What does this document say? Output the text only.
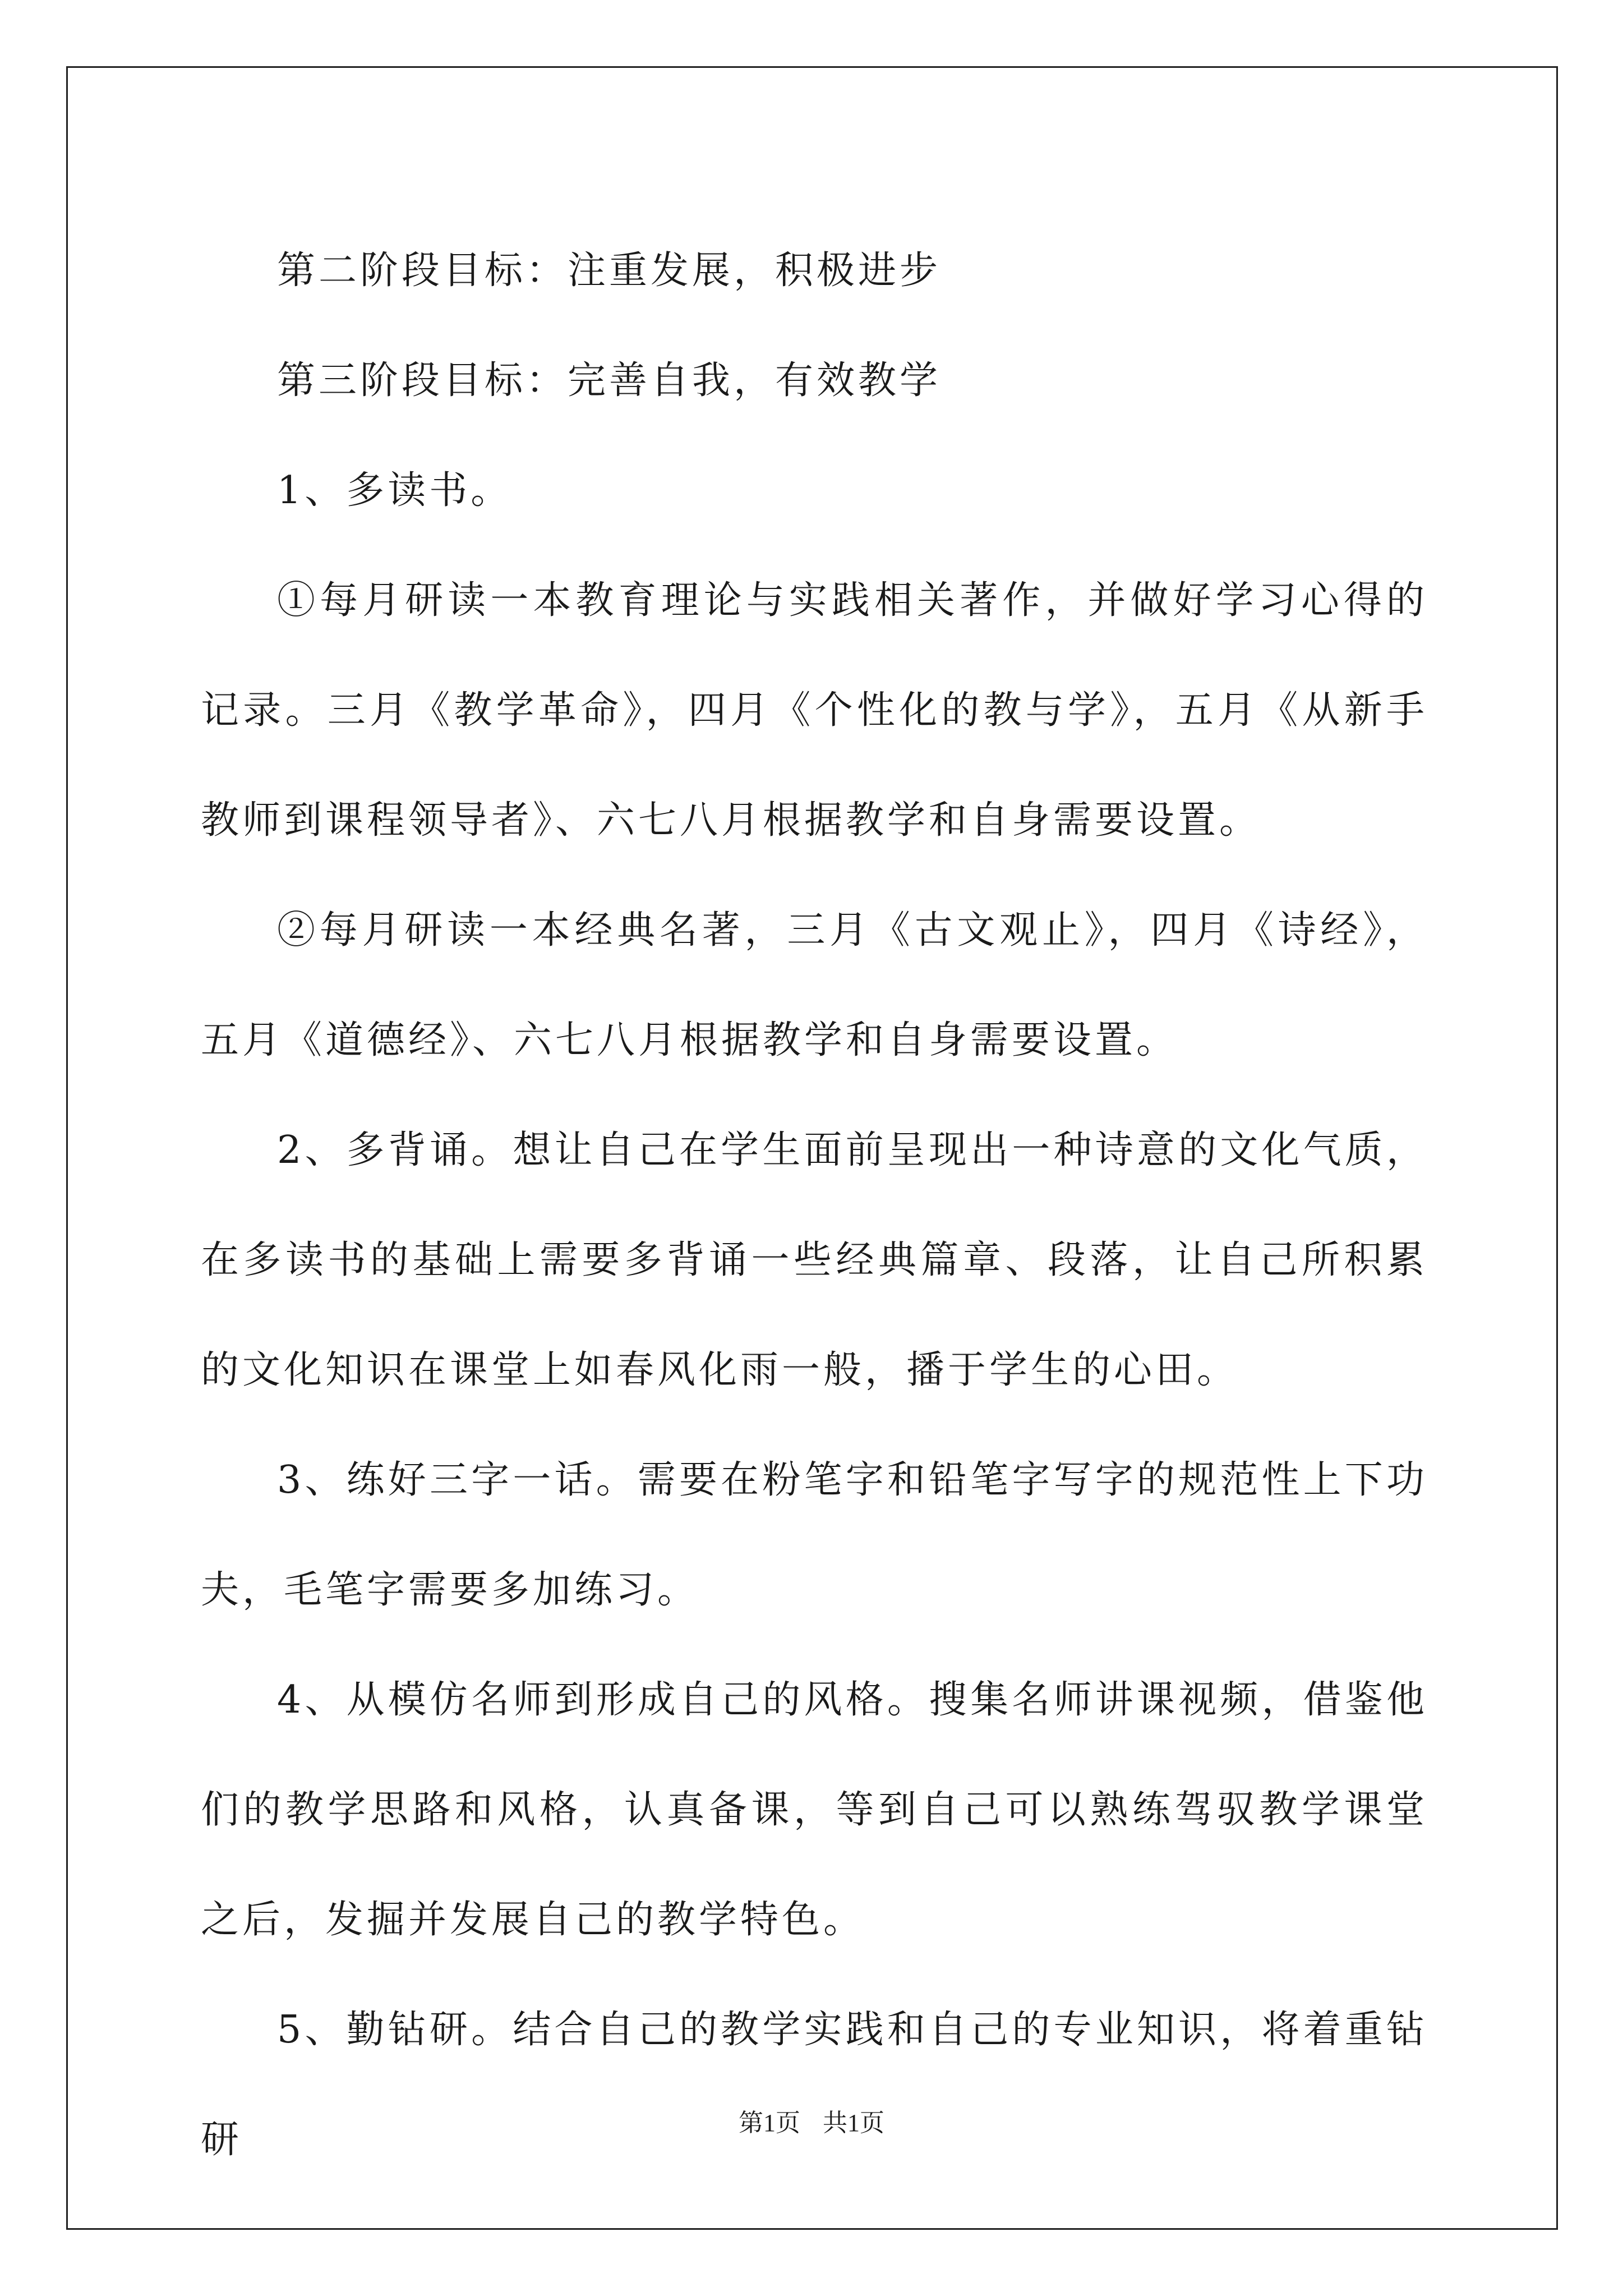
第二阶段目标：注重发展，积极进步

第三阶段目标：完善自我，有效教学

1、多读书。

①每月研读一本教育理论与实践相关著作，并做好学习心得的记录。三月《教学革命》，四月《个性化的教与学》，五月《从新手教师到课程领导者》、六七八月根据教学和自身需要设置。

②每月研读一本经典名著，三月《古文观止》，四月《诗经》，五月《道德经》、六七八月根据教学和自身需要设置。

2、多背诵。想让自己在学生面前呈现出一种诗意的文化气质，在多读书的基础上需要多背诵一些经典篇章、段落，让自己所积累的文化知识在课堂上如春风化雨一般，播于学生的心田。

3、练好三字一话。需要在粉笔字和铅笔字写字的规范性上下功夫，毛笔字需要多加练习。

4、从模仿名师到形成自己的风格。搜集名师讲课视频，借鉴他们的教学思路和风格，认真备课，等到自己可以熟练驾驭教学课堂之后，发掘并发展自己的教学特色。

5、勤钻研。结合自己的教学实践和自己的专业知识，将着重钻研	第1页 共1页
